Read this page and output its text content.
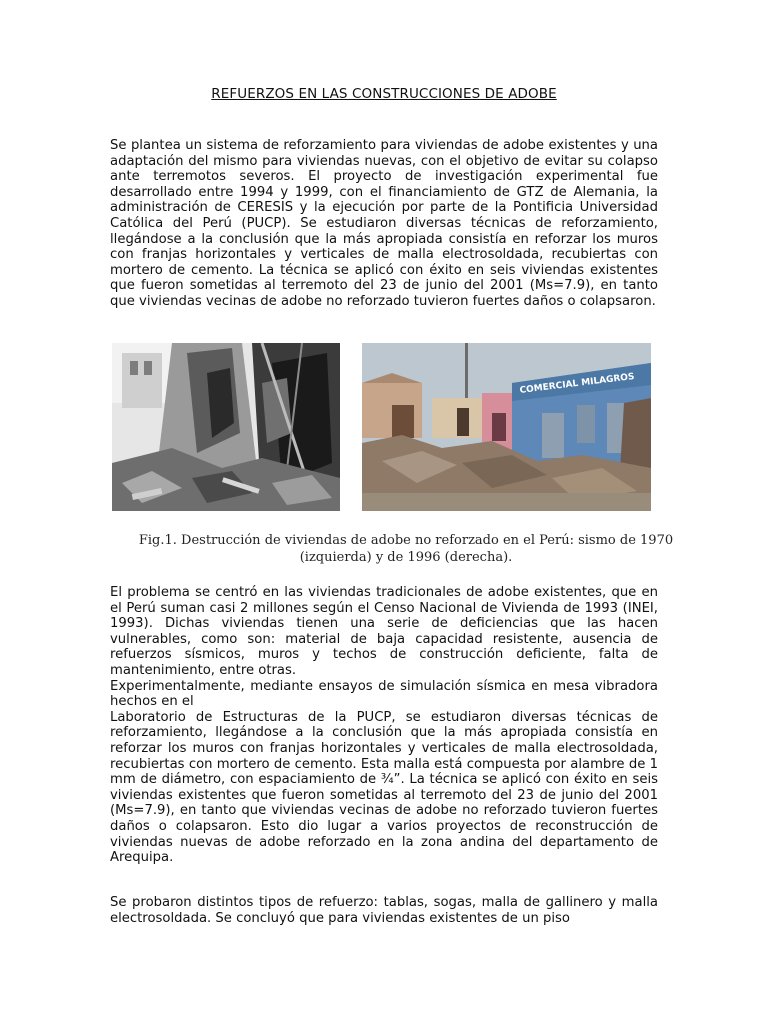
REFUERZOS EN LAS CONSTRUCCIONES DE ADOBE

Se plantea un sistema de reforzamiento para viviendas de adobe existentes y una adaptación del mismo para viviendas nuevas, con el objetivo de evitar su colapso ante terremotos severos. El proyecto de investigación experimental fue desarrollado entre 1994 y 1999, con el financiamiento de GTZ de Alemania, la administración de CERESIS y la ejecución por parte de la Pontificia Universidad Católica del Perú (PUCP). Se estudiaron diversas técnicas de reforzamiento, llegándose a la conclusión que la más apropiada consistía en reforzar los muros con franjas horizontales y verticales de malla electrosoldada, recubiertas con mortero de cemento. La técnica se aplicó con éxito en seis viviendas existentes que fueron sometidas al terremoto del 23 de junio del 2001 (Ms=7.9), en tanto que viviendas vecinas de adobe no reforzado tuvieron fuertes daños o colapsaron.

COMERCIAL MILAGROS
Fig.1. Destrucción de viviendas de adobe no reforzado en el Perú: sismo de 1970 (izquierda) y de 1996 (derecha).

El problema se centró en las viviendas tradicionales de adobe existentes, que en el Perú suman casi 2 millones según el Censo Nacional de Vivienda de 1993 (INEI, 1993). Dichas viviendas tienen una serie de deficiencias que las hacen vulnerables, como son: material de baja capacidad resistente, ausencia de refuerzos sísmicos, muros y techos de construcción deficiente, falta de mantenimiento, entre otras.

Experimentalmente, mediante ensayos de simulación sísmica en mesa vibradora hechos en el

Laboratorio de Estructuras de la PUCP, se estudiaron diversas técnicas de reforzamiento, llegándose a la conclusión que la más apropiada consistía en reforzar los muros con franjas horizontales y verticales de malla electrosoldada, recubiertas con mortero de cemento. Esta malla está compuesta por alambre de 1 mm de diámetro, con espaciamiento de ¾”. La técnica se aplicó con éxito en seis viviendas existentes que fueron sometidas al terremoto del 23 de junio del 2001 (Ms=7.9), en tanto que viviendas vecinas de adobe no reforzado tuvieron fuertes daños o colapsaron. Esto dio lugar a varios proyectos de reconstrucción de viviendas nuevas de adobe reforzado en la zona andina del departamento de Arequipa.

Se probaron distintos tipos de refuerzo: tablas, sogas, malla de gallinero y malla electrosoldada. Se concluyó que para viviendas existentes de un piso
